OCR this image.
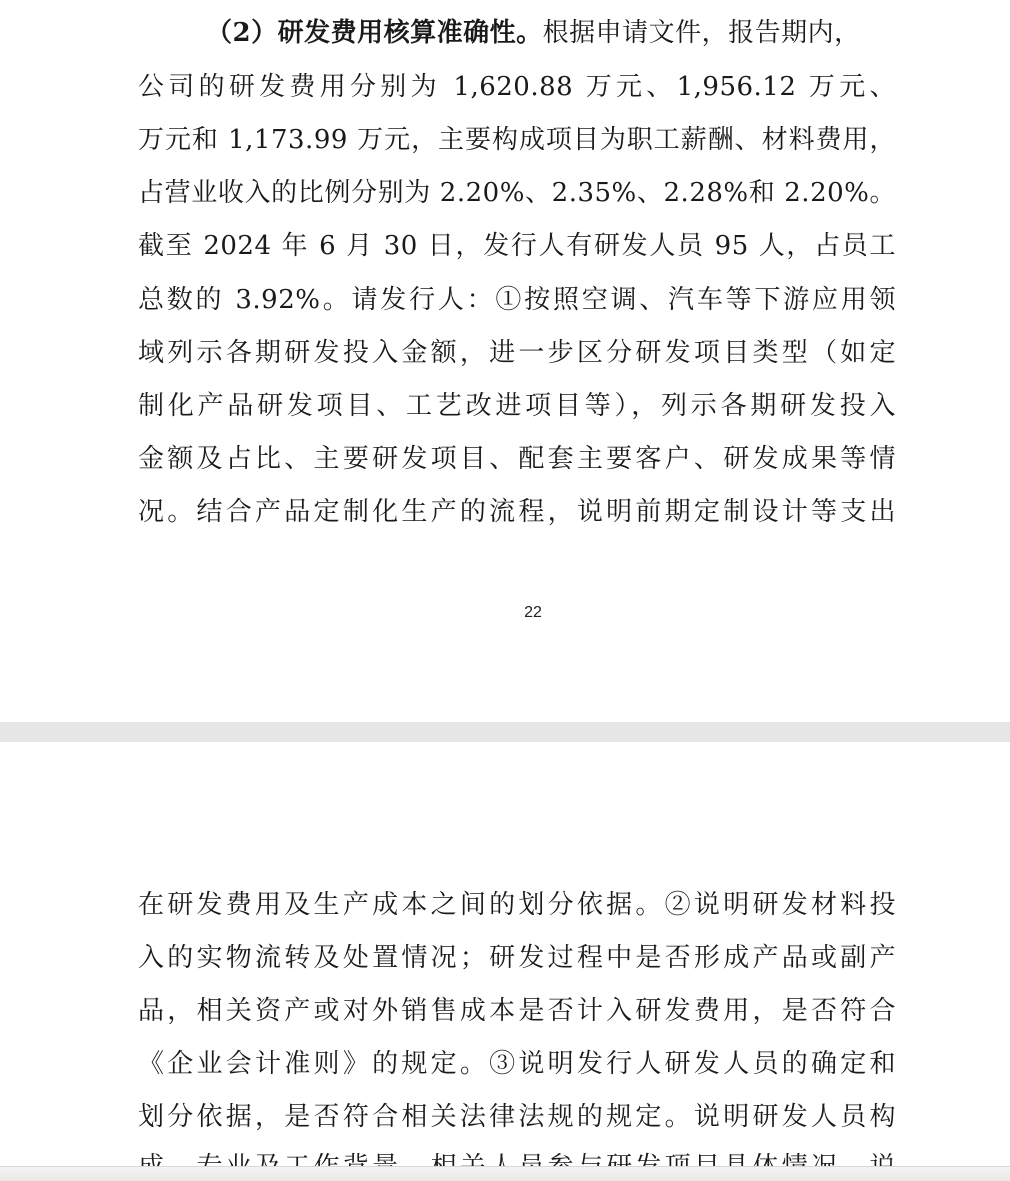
（2）研发费用核算准确性。根据申请文件，报告期内，
公司的研发费用分别为 1,620.88 万元、1,956.12 万元、
万元和 1,173.99 万元，主要构成项目为职工薪酬、材料费用，
占营业收入的比例分别为 2.20%、2.35%、2.28%和 2.20%。
截至 2024 年 6 月 30 日，发行人有研发人员 95 人，占员工
总数的 3.92%。请发行人：①按照空调、汽车等下游应用领
域列示各期研发投入金额，进一步区分研发项目类型（如定
制化产品研发项目、工艺改进项目等），列示各期研发投入
金额及占比、主要研发项目、配套主要客户、研发成果等情
况。结合产品定制化生产的流程，说明前期定制设计等支出
22
在研发费用及生产成本之间的划分依据。②说明研发材料投
入的实物流转及处置情况；研发过程中是否形成产品或副产
品，相关资产或对外销售成本是否计入研发费用，是否符合
《企业会计准则》的规定。③说明发行人研发人员的确定和
划分依据，是否符合相关法律法规的规定。说明研发人员构
